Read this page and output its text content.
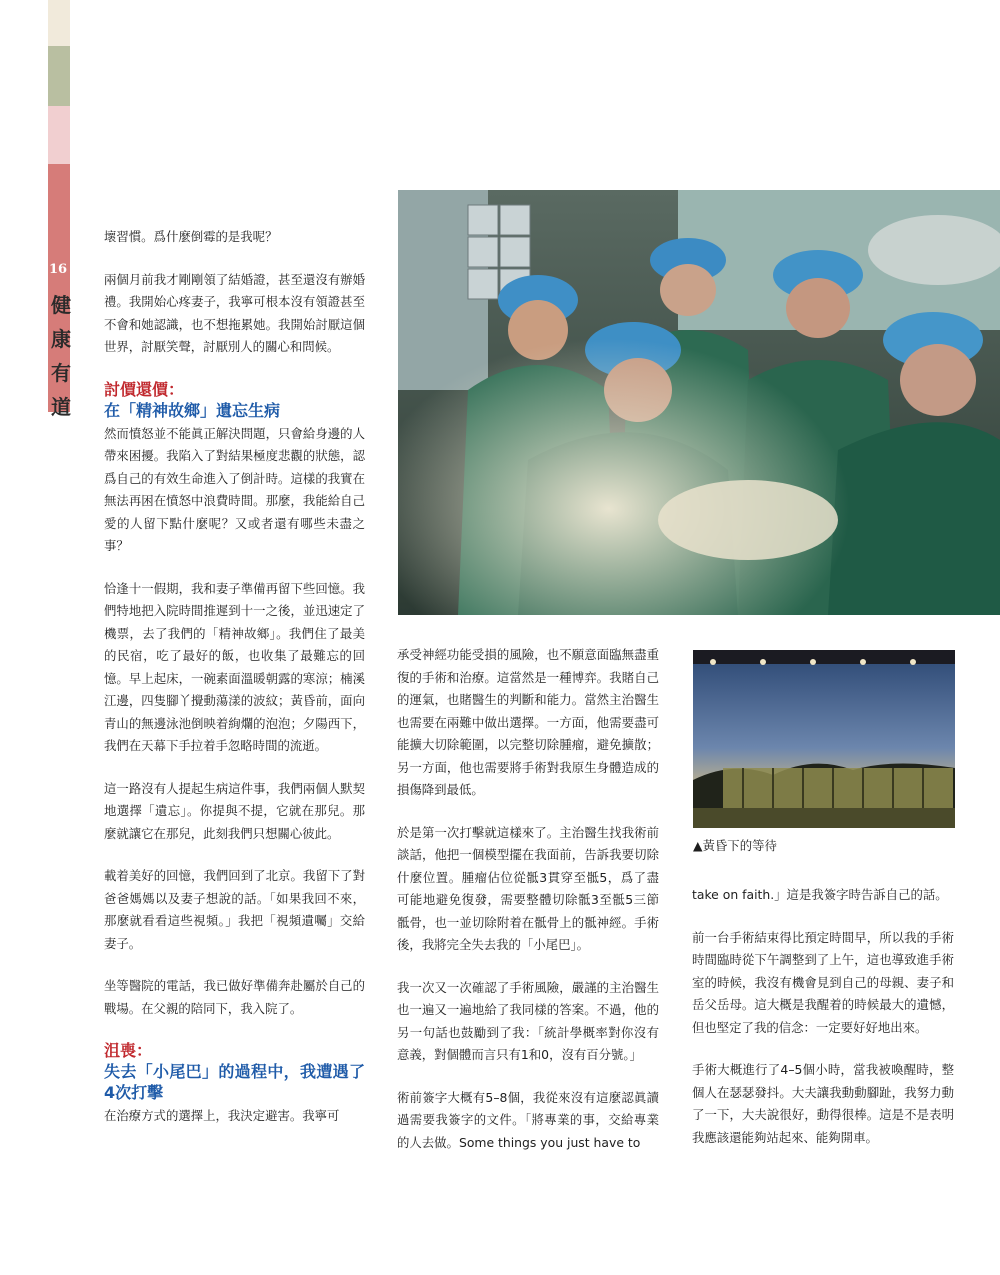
16
健康有道

壞習慣。爲什麼倒霉的是我呢？

兩個月前我才剛剛領了結婚證，甚至還沒有辦婚禮。我開始心疼妻子，我寧可根本沒有領證甚至不會和她認識，也不想拖累她。我開始討厭這個世界，討厭笑聲，討厭別人的關心和問候。

討價還價：
在「精神故鄉」遺忘生病

然而憤怒並不能眞正解決問題，只會給身邊的人帶來困擾。我陷入了對結果極度悲觀的狀態，認爲自己的有效生命進入了倒計時。這樣的我實在無法再困在憤怒中浪費時間。那麼，我能給自己愛的人留下點什麼呢？又或者還有哪些未盡之事？

恰逢十一假期，我和妻子準備再留下些回憶。我們特地把入院時間推遲到十一之後，並迅速定了機票，去了我們的「精神故鄉」。我們住了最美的民宿，吃了最好的飯，也收集了最難忘的回憶。早上起床，一碗素面溫暖朝露的寒涼；楠溪江邊，四隻腳丫攪動蕩漾的波紋；黃昏前，面向青山的無邊泳池倒映着絢爛的泡泡；夕陽西下，我們在天幕下手拉着手忽略時間的流逝。

這一路沒有人提起生病這件事，我們兩個人默契地選擇「遺忘」。你提與不提，它就在那兒。那麼就讓它在那兒，此刻我們只想關心彼此。

載着美好的回憶，我們回到了北京。我留下了對爸爸媽媽以及妻子想說的話。「如果我回不來，那麼就看看這些視頻。」我把「視頻遺囑」交給妻子。

坐等醫院的電話，我已做好準備奔赴屬於自己的戰場。在父親的陪同下，我入院了。

沮喪：
失去「小尾巴」的過程中，我遭遇了4次打擊

在治療方式的選擇上，我決定避害。我寧可

承受神經功能受損的風險，也不願意面臨無盡重復的手術和治療。這當然是一種博弈。我賭自己的運氣，也賭醫生的判斷和能力。當然主治醫生也需要在兩難中做出選擇。一方面，他需要盡可能擴大切除範圍，以完整切除腫瘤，避免擴散；另一方面，他也需要將手術對我原生身體造成的損傷降到最低。

於是第一次打擊就這樣來了。主治醫生找我術前談話，他把一個模型擺在我面前，告訴我要切除什麼位置。腫瘤佔位從骶3貫穿至骶5，爲了盡可能地避免復發，需要整體切除骶3至骶5三節骶骨，也一並切除附着在骶骨上的骶神經。手術後，我將完全失去我的「小尾巴」。

我一次又一次確認了手術風險，嚴謹的主治醫生也一遍又一遍地給了我同樣的答案。不過，他的另一句話也鼓勵到了我：「統計學概率對你沒有意義，對個體而言只有1和0，沒有百分號。」

術前簽字大概有5–8個，我從來沒有這麼認眞讀過需要我簽字的文件。「將專業的事，交給專業的人去做。Some things you just have to

▲黃昏下的等待

take on faith.」這是我簽字時告訴自己的話。

前一台手術結束得比預定時間早，所以我的手術時間臨時從下午調整到了上午，這也導致進手術室的時候，我沒有機會見到自己的母親、妻子和岳父岳母。這大概是我醒着的時候最大的遺憾，但也堅定了我的信念：一定要好好地出來。

手術大概進行了4–5個小時，當我被喚醒時，整個人在瑟瑟發抖。大夫讓我動動腳趾，我努力動了一下，大夫說很好，動得很棒。這是不是表明我應該還能夠站起來、能夠開車。
